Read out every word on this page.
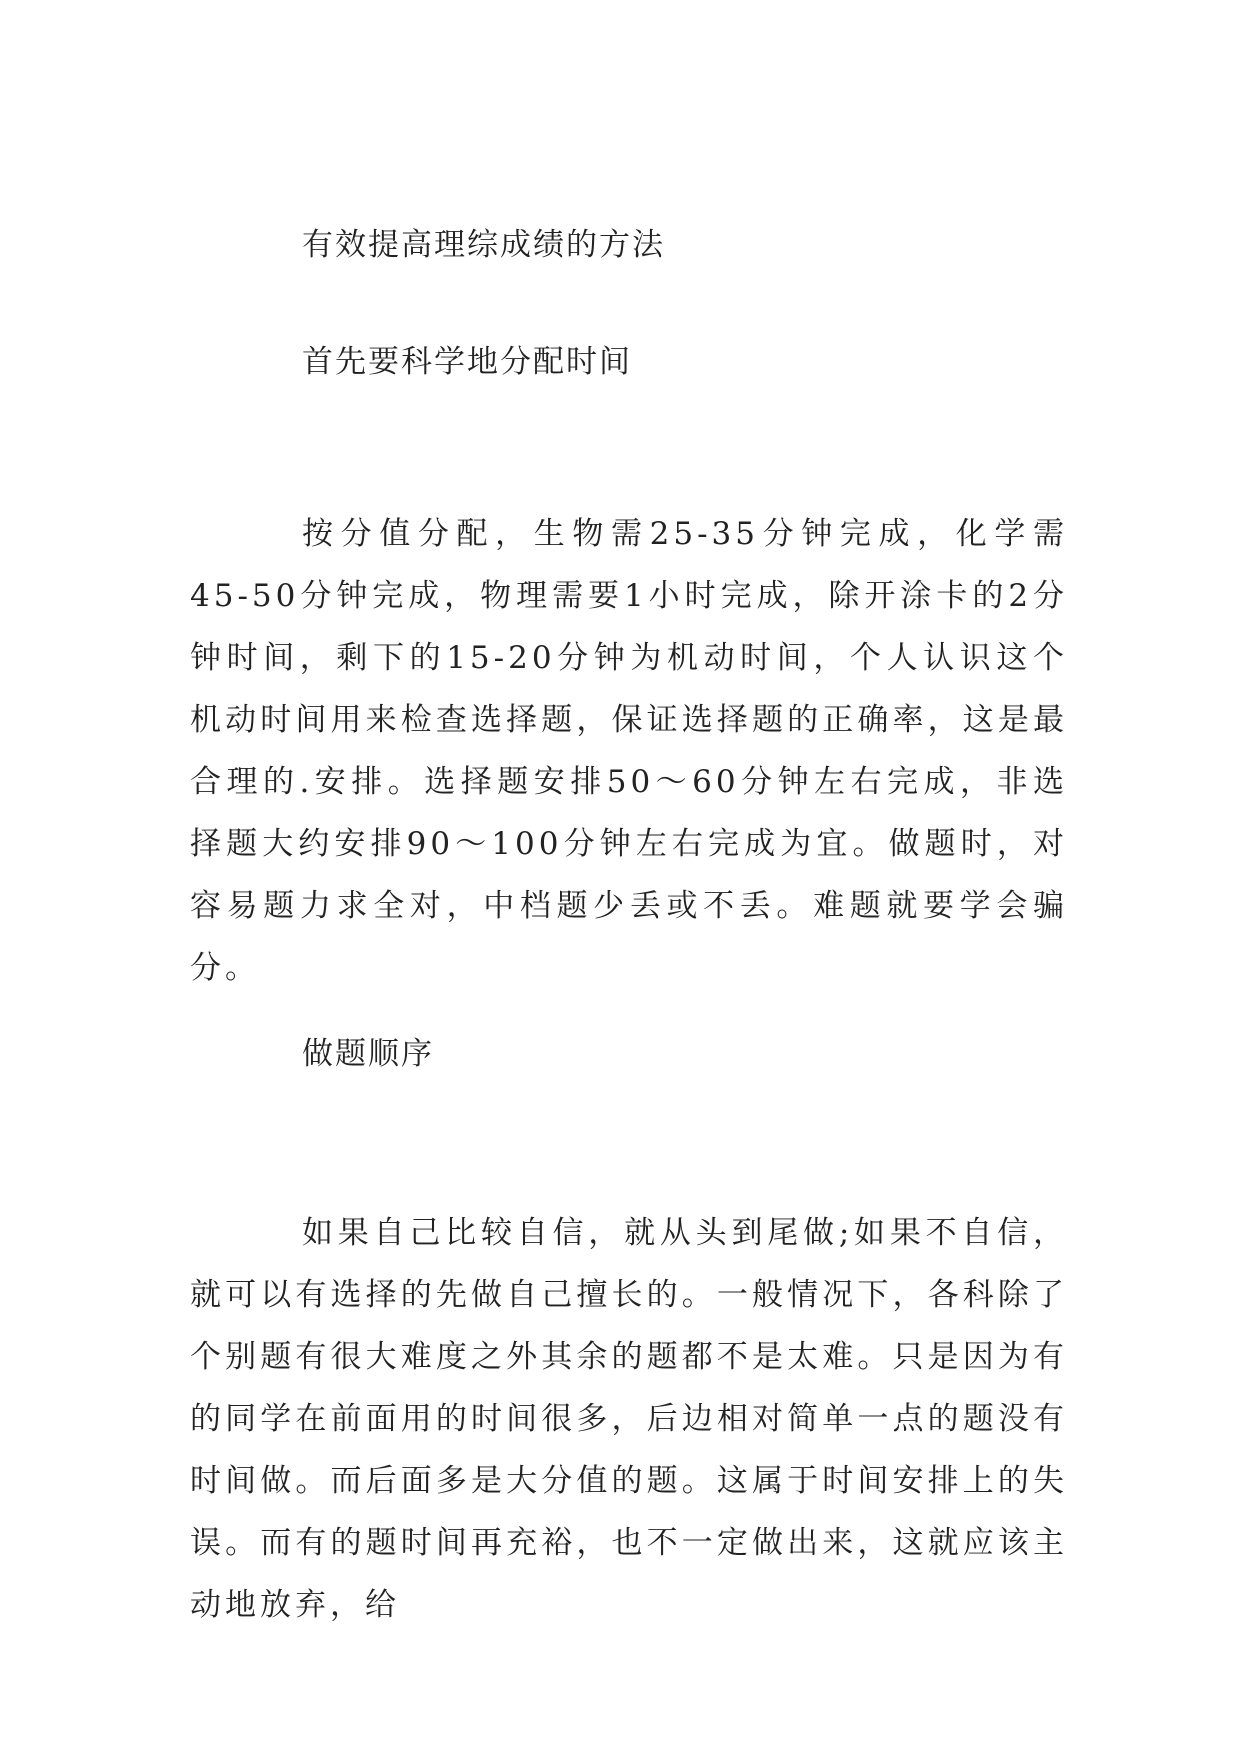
有效提高理综成绩的方法
首先要科学地分配时间

按分值分配，生物需25-35分钟完成，化学需45-50分钟完成，物理需要1小时完成，除开涂卡的2分钟时间，剩下的15-20分钟为机动时间，个人认识这个机动时间用来检查选择题，保证选择题的正确率，这是最合理的.安排。选择题安排50～60分钟左右完成，非选择题大约安排90～100分钟左右完成为宜。做题时，对容易题力求全对，中档题少丢或不丢。难题就要学会骗分。

做题顺序

如果自己比较自信，就从头到尾做;如果不自信，就可以有选择的先做自己擅长的。一般情况下，各科除了个别题有很大难度之外其余的题都不是太难。只是因为有的同学在前面用的时间很多，后边相对简单一点的题没有时间做。而后面多是大分值的题。这属于时间安排上的失误。而有的题时间再充裕，也不一定做出来，这就应该主动地放弃，给
